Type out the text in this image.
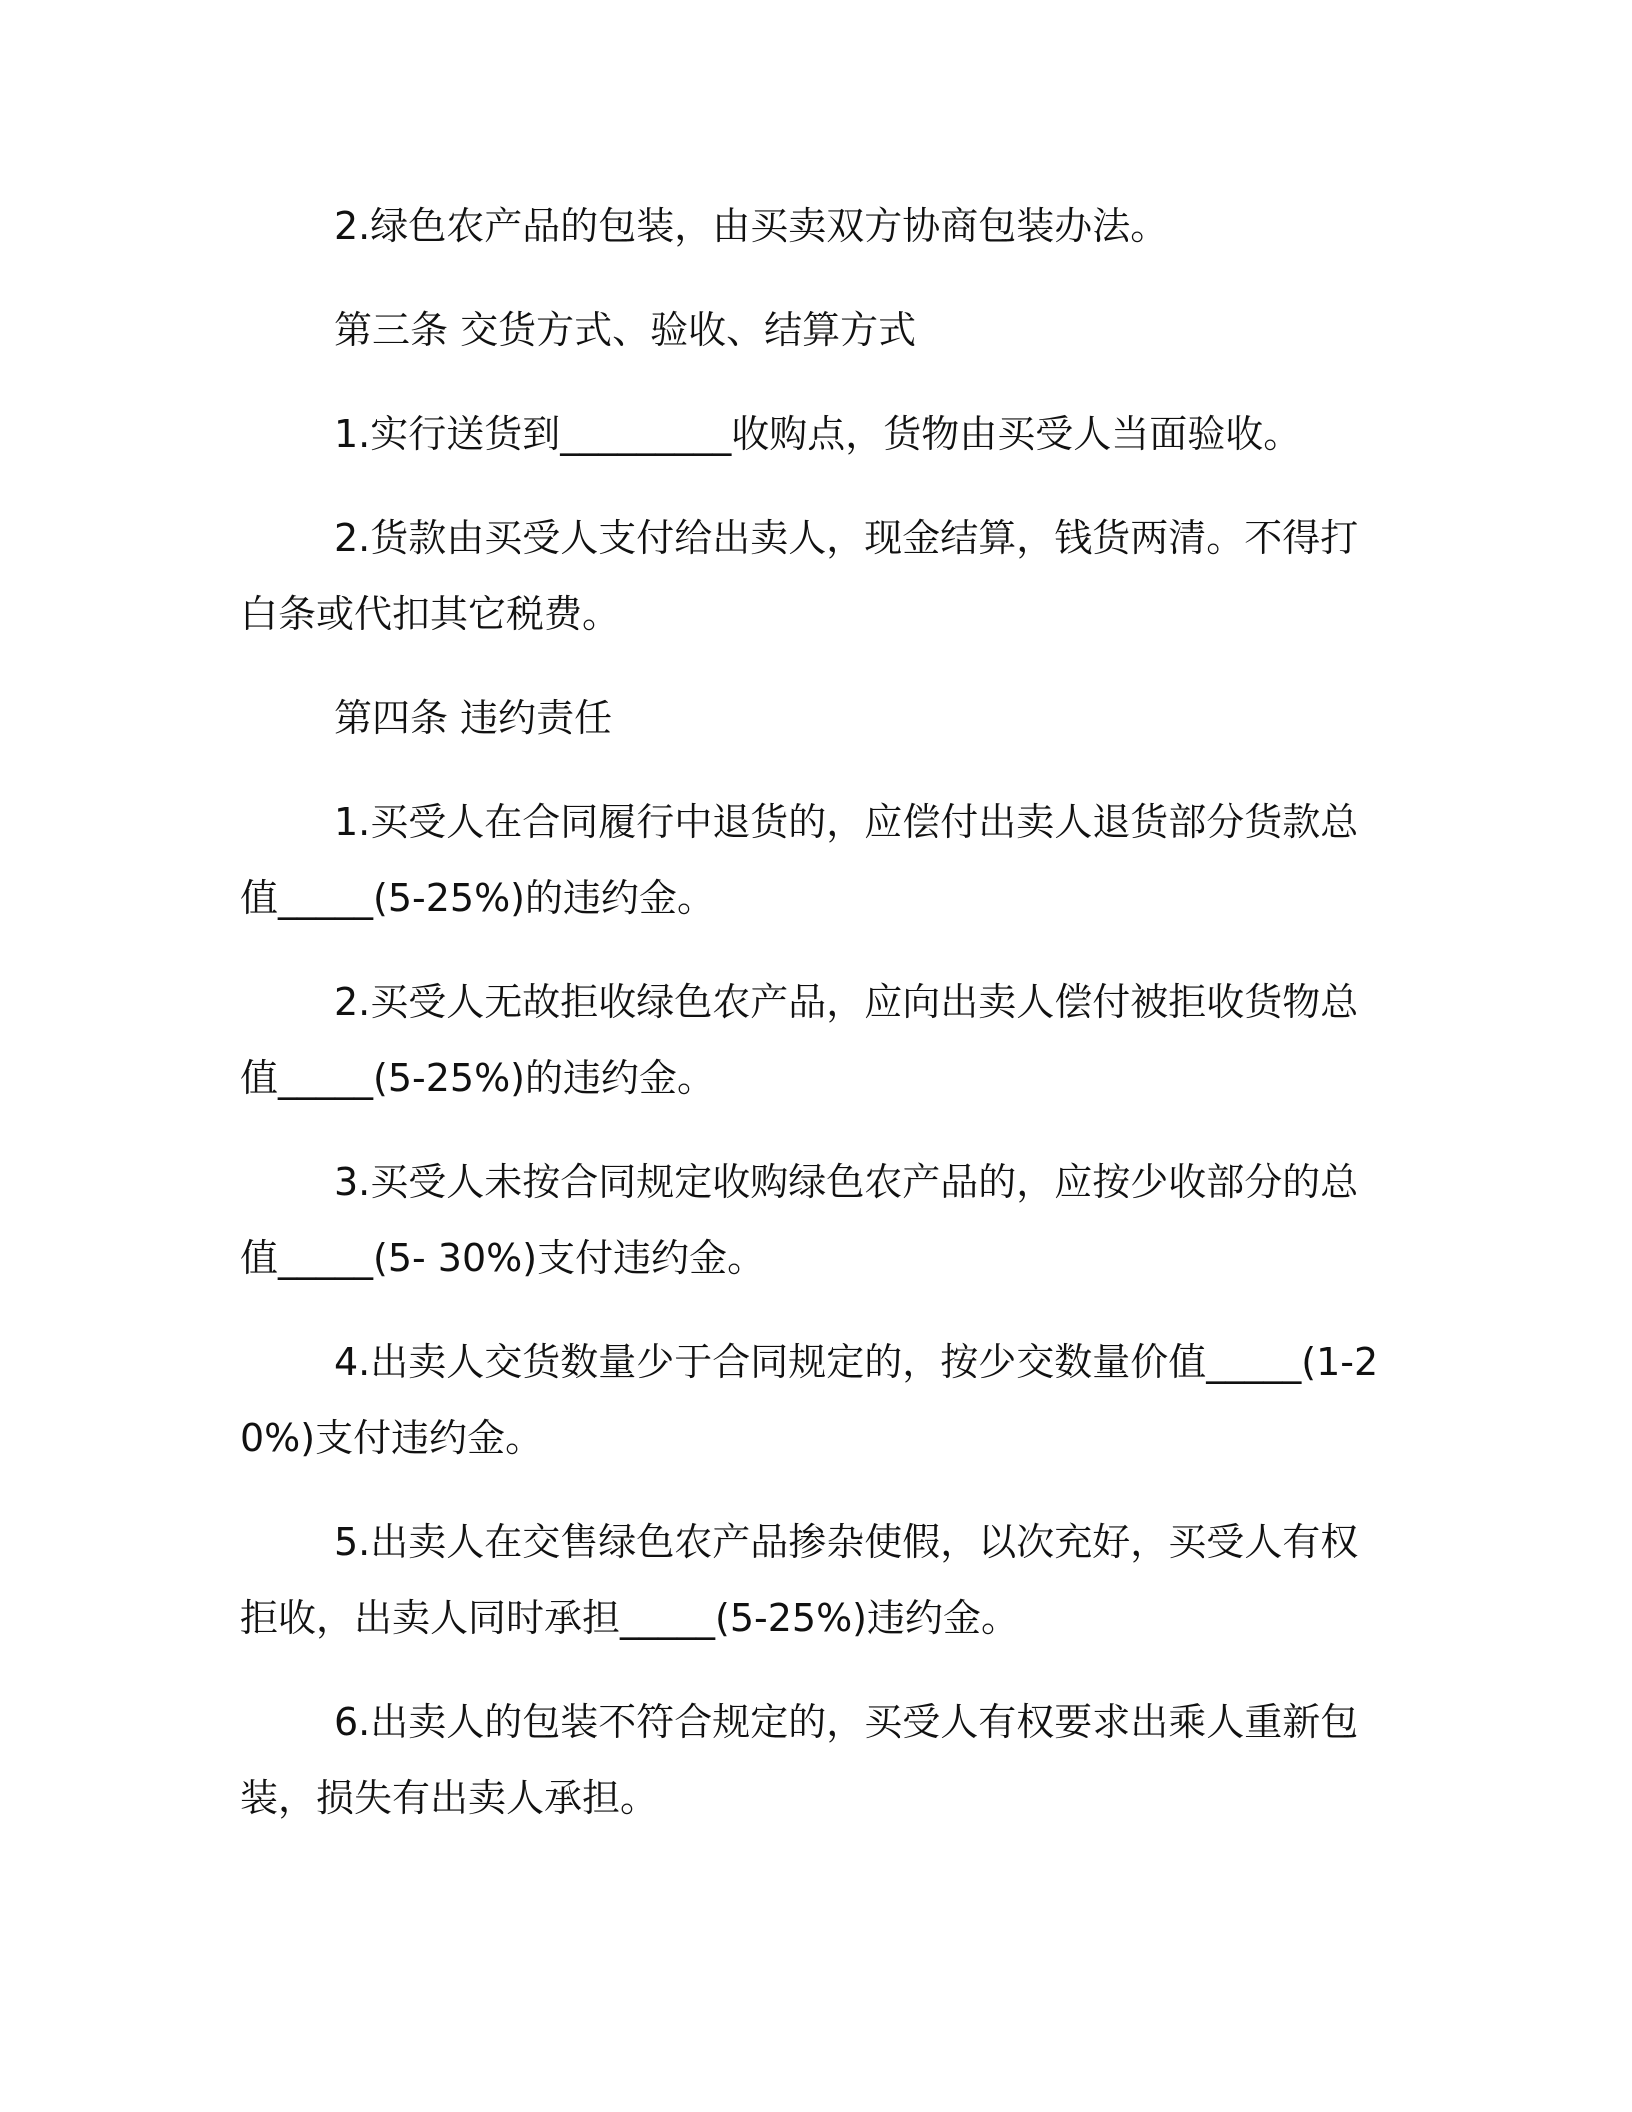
2.绿色农产品的包装，由买卖双方协商包装办法。

第三条 交货方式、验收、结算方式

1.实行送货到_________收购点，货物由买受人当面验收。

2.货款由买受人支付给出卖人，现金结算，钱货两清。不得打白条或代扣其它税费。

第四条 违约责任

1.买受人在合同履行中退货的，应偿付出卖人退货部分货款总值_____(5-25%)的违约金。

2.买受人无故拒收绿色农产品，应向出卖人偿付被拒收货物总值_____(5-25%)的违约金。

3.买受人未按合同规定收购绿色农产品的，应按少收部分的总值_____(5- 30%)支付违约金。

4.出卖人交货数量少于合同规定的，按少交数量价值_____(1-20%)支付违约金。

5.出卖人在交售绿色农产品掺杂使假，以次充好，买受人有权拒收，出卖人同时承担_____(5-25%)违约金。

6.出卖人的包装不符合规定的，买受人有权要求出乘人重新包装，损失有出卖人承担。
